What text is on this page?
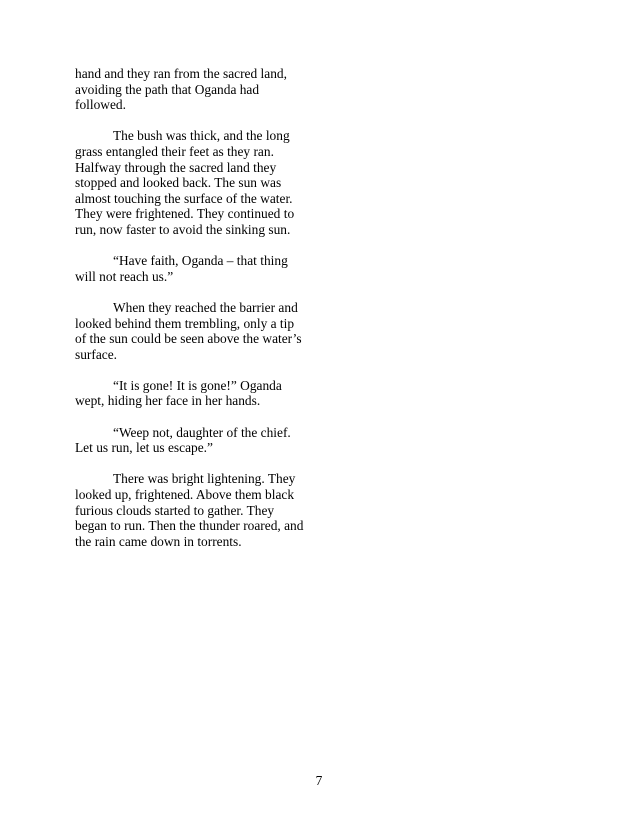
hand and they ran from the sacred land, avoiding the path that Oganda had followed.

The bush was thick, and the long grass entangled their feet as they ran. Halfway through the sacred land they stopped and looked back. The sun was almost touching the surface of the water. They were frightened. They continued to run, now faster to avoid the sinking sun.

“Have faith, Oganda – that thing will not reach us.”

When they reached the barrier and looked behind them trembling, only a tip of the sun could be seen above the water’s surface.

“It is gone! It is gone!” Oganda wept, hiding her face in her hands.

“Weep not, daughter of the chief. Let us run, let us escape.”

There was bright lightening. They looked up, frightened. Above them black furious clouds started to gather. They began to run. Then the thunder roared, and the rain came down in torrents.

7
